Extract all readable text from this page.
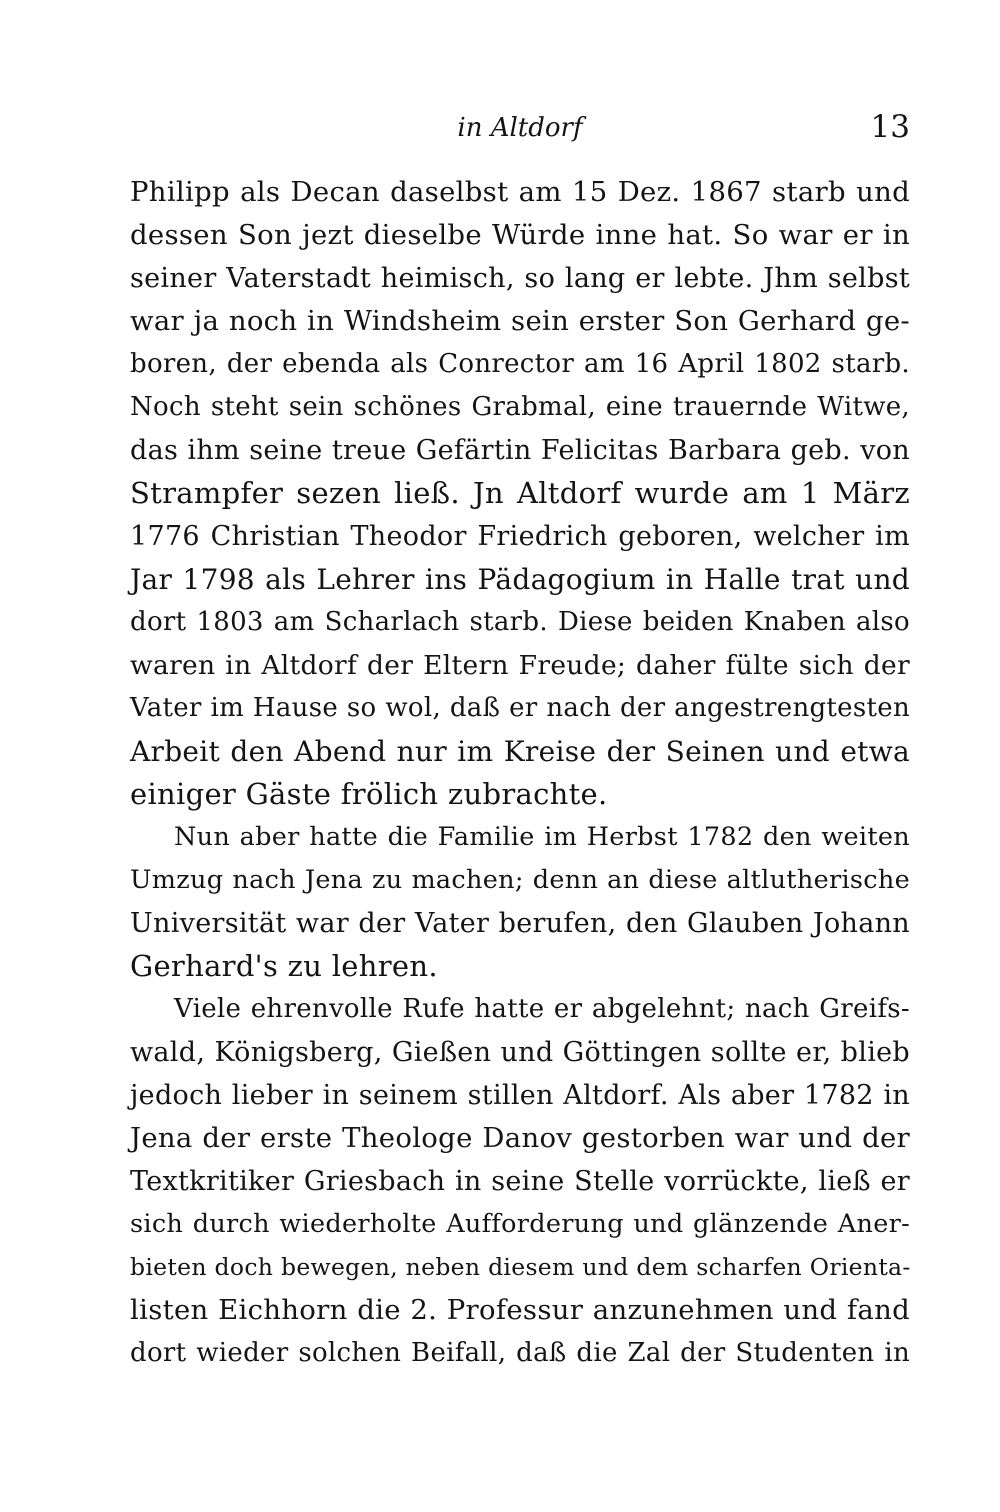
in Altdorf	13
Philipp als Decan daselbst am 15 Dez. 1867 starb und
dessen Son jezt dieselbe Würde inne hat. So war er in
seiner Vaterstadt heimisch, so lang er lebte. Jhm selbst
war ja noch in Windsheim sein erster Son Gerhard ge-
boren, der ebenda als Conrector am 16 April 1802 starb.
Noch steht sein schönes Grabmal, eine trauernde Witwe,
das ihm seine treue Gefärtin Felicitas Barbara geb. von
Strampfer sezen ließ. Jn Altdorf wurde am 1 März
1776 Christian Theodor Friedrich geboren, welcher im
Jar 1798 als Lehrer ins Pädagogium in Halle trat und
dort 1803 am Scharlach starb. Diese beiden Knaben also
waren in Altdorf der Eltern Freude; daher fülte sich der
Vater im Hause so wol, daß er nach der angestrengtesten
Arbeit den Abend nur im Kreise der Seinen und etwa
einiger Gäste frölich zubrachte.
Nun aber hatte die Familie im Herbst 1782 den weiten
Umzug nach Jena zu machen; denn an diese altlutherische
Universität war der Vater berufen, den Glauben Johann
Gerhard's zu lehren.
Viele ehrenvolle Rufe hatte er abgelehnt; nach Greifs-
wald, Königsberg, Gießen und Göttingen sollte er, blieb
jedoch lieber in seinem stillen Altdorf. Als aber 1782 in
Jena der erste Theologe Danov gestorben war und der
Textkritiker Griesbach in seine Stelle vorrückte, ließ er
sich durch wiederholte Aufforderung und glänzende Aner-
bieten doch bewegen, neben diesem und dem scharfen Orienta-
listen Eichhorn die 2. Professur anzunehmen und fand
dort wieder solchen Beifall, daß die Zal der Studenten in
